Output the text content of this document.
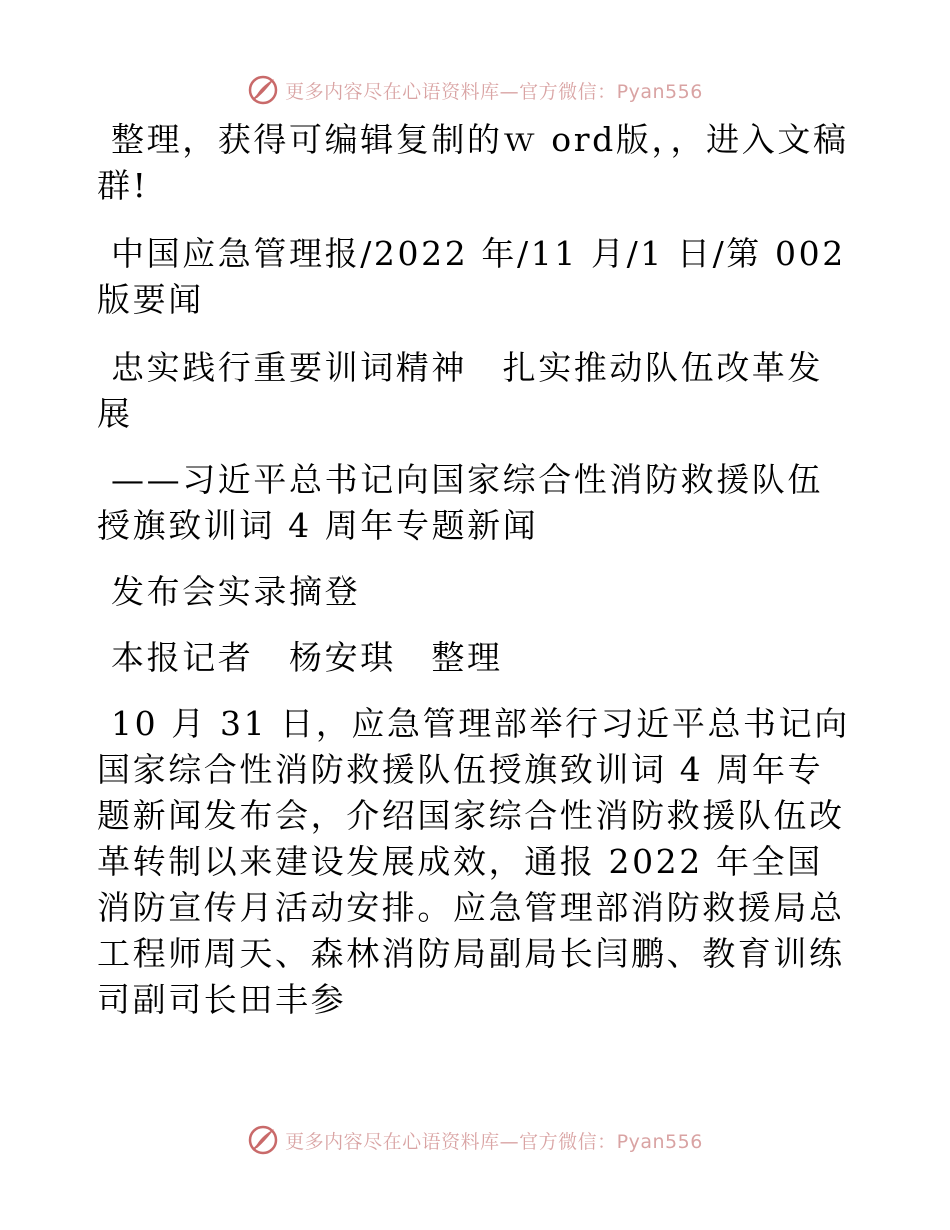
更多内容尽在心语资料库—官方微信：Pyan556

整理，获得可编辑复制的ｗ ord版，，进入文稿群!

中国应急管理报/2022 年/11 月/1 日/第 002 版要闻

忠实践行重要训词精神　扎实推动队伍改革发展

——习近平总书记向国家综合性消防救援队伍授旗致训词 4 周年专题新闻

发布会实录摘登

本报记者　杨安琪　整理

10 月 31 日，应急管理部举行习近平总书记向国家综合性消防救援队伍授旗致训词 4 周年专题新闻发布会，介绍国家综合性消防救援队伍改革转制以来建设发展成效，通报 2022 年全国消防宣传月活动安排。应急管理部消防救援局总工程师周天、森林消防局副局长闫鹏、教育训练司副司长田丰参

更多内容尽在心语资料库—官方微信：Pyan556
